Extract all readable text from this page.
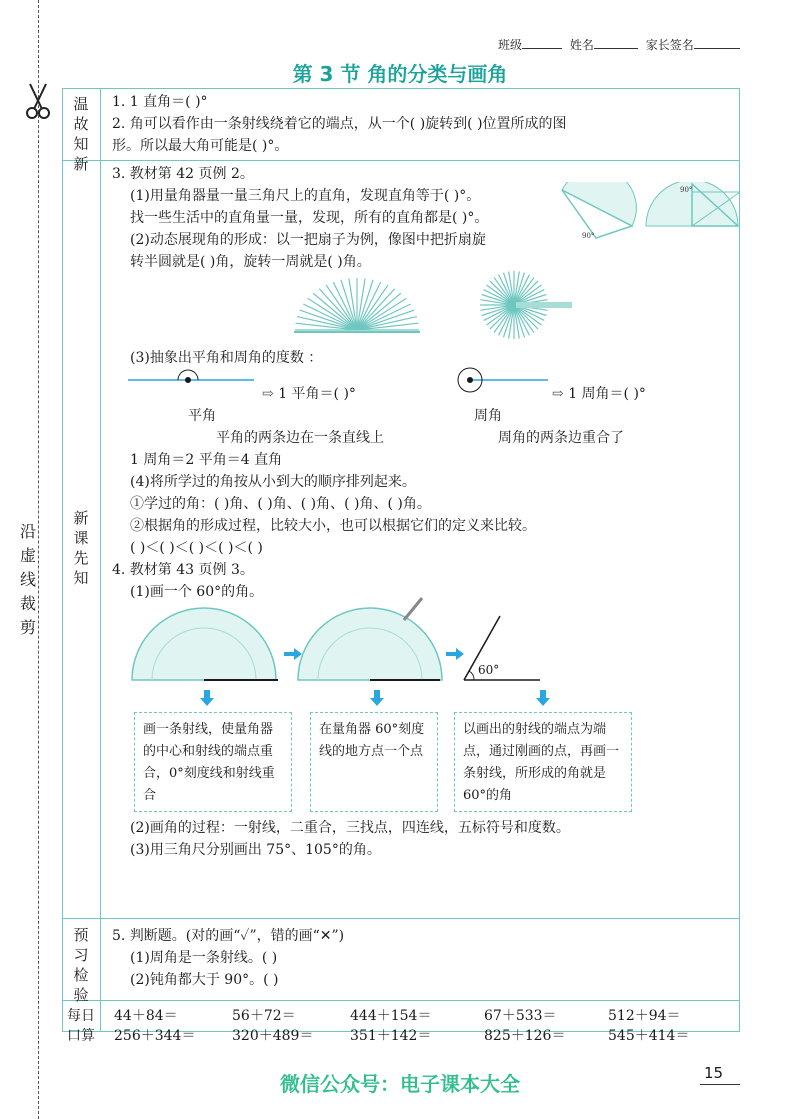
沿
虚
线
裁
剪
班级	姓名	家长签名
第 3 节 角的分类与画角
温
故
知
新
新
课
先
知
预
习
检
验
每日
口算
1. 1 直角＝( )°
2. 角可以看作由一条射线绕着它的端点，从一个( )旋转到( )位置所成的图
形。所以最大角可能是( )°。
3. 教材第 42 页例 2。
(1)用量角器量一量三角尺上的直角，发现直角等于( )°。
找一些生活中的直角量一量，发现，所有的直角都是( )°。
(2)动态展现角的形成：以一把扇子为例，像图中把折扇旋
转半圆就是( )角，旋转一周就是( )角。
90°
90°
(3)抽象出平角和周角的度数 ：
⇨ 1 平角＝( )°	⇨ 1 周角＝( )°
平角	周角
平角的两条边在一条直线上	周角的两条边重合了
1 周角＝2 平角＝4 直角
(4)将所学过的角按从小到大的顺序排列起来。
①学过的角：( )角、( )角、( )角、( )角、( )角。
②根据角的形成过程，比较大小，也可以根据它们的定义来比较。
( )＜( )＜( )＜( )＜( )
4. 教材第 43 页例 3。
(1)画一个 60°的角。
60°
画一条射线，使量角器的中心和射线的端点重合，0°刻度线和射线重合
在量角器 60°刻度线的地方点一个点
以画出的射线的端点为端点，通过刚画的点，再画一条射线，所形成的角就是 60°的角
(2)画角的过程：一射线，二重合，三找点，四连线，五标符号和度数。
(3)用三角尺分别画出 75°、105°的角。
5. 判断题。(对的画“✓”，错的画“✕”)
(1)周角是一条射线。( )
(2)钝角都大于 90°。( )
44＋84＝	56＋72＝	444＋154＝	67＋533＝	512＋94＝
256＋344＝	320＋489＝	351＋142＝	825＋126＝	545＋414＝
15
微信公众号：电子课本大全
